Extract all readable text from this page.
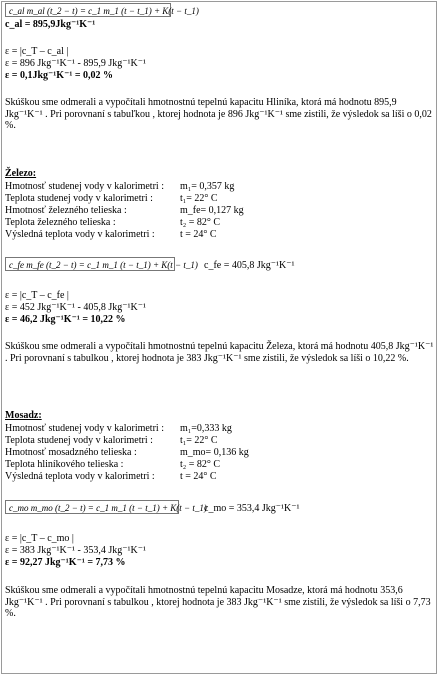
c_al m_al (t_2 − t) = c_1 m_1 (t − t_1) + K(t − t_1)
c_al = 895,9Jkg⁻¹K⁻¹
ε = |c_T – c_al |
ε = 896 Jkg⁻¹K⁻¹ - 895,9 Jkg⁻¹K⁻¹
ε = 0,1Jkg⁻¹K⁻¹ = 0,02 %
Skúškou sme odmerali a vypočítali hmotnostnú tepelnú kapacitu Hliníka, ktorá má hodnotu 895,9 Jkg⁻¹K⁻¹ . Pri porovnaní s tabuľkou , ktorej hodnota je 896 Jkg⁻¹K⁻¹ sme zistili, že výsledok sa líši o 0,02 %.
Železo:
Hmotnosť studenej vody v kalorimetri : m₁= 0,357 kg
Teplota studenej vody v kalorimetri :	t₁= 22° C
Hmotnosť železného telieska :	m_fe= 0,127 kg
Teplota železného telieska :	t₂ = 82° C
Výsledná teplota vody v kalorimetri :	t = 24° C
c_fe m_fe (t_2 − t) = c_1 m_1 (t − t_1) + K(t − t_1) c_fe = 405,8 Jkg⁻¹K⁻¹
ε = |c_T – c_fe |
ε = 452 Jkg⁻¹K⁻¹ - 405,8 Jkg⁻¹K⁻¹
ε = 46,2 Jkg⁻¹K⁻¹ = 10,22 %
Skúškou sme odmerali a vypočítali hmotnostnú tepelnú kapacitu Železa, ktorá má hodnotu 405,8 Jkg⁻¹K⁻¹ . Pri porovnaní s tabulkou , ktorej hodnota je 383 Jkg⁻¹K⁻¹ sme zistili, že výsledok sa líši o 10,22 %.
Mosadz:
Hmotnosť studenej vody v kalorimetri : m₁=0,333 kg
Teplota studenej vody v kalorimetri :	t₁= 22° C
Hmotnosť mosadzného telieska :	m_mo= 0,136 kg
Teplota hliníkového telieska :	t₂ = 82° C
Výsledná teplota vody v kalorimetri :	t = 24° C
c_mo m_mo (t_2 − t) = c_1 m_1 (t − t_1) + K(t − t_1)
c_mo = 353,4 Jkg⁻¹K⁻¹
ε = |c_T – c_mo |
ε = 383 Jkg⁻¹K⁻¹ - 353,4 Jkg⁻¹K⁻¹
ε = 92,27 Jkg⁻¹K⁻¹ = 7,73 %
Skúškou sme odmerali a vypočítali hmotnostnú tepelnú kapacitu Mosadze, ktorá má hodnotu 353,6 Jkg⁻¹K⁻¹ . Pri porovnaní s tabulkou , ktorej hodnota je 383 Jkg⁻¹K⁻¹ sme zistili, že výsledok sa líši o 7,73 %.
